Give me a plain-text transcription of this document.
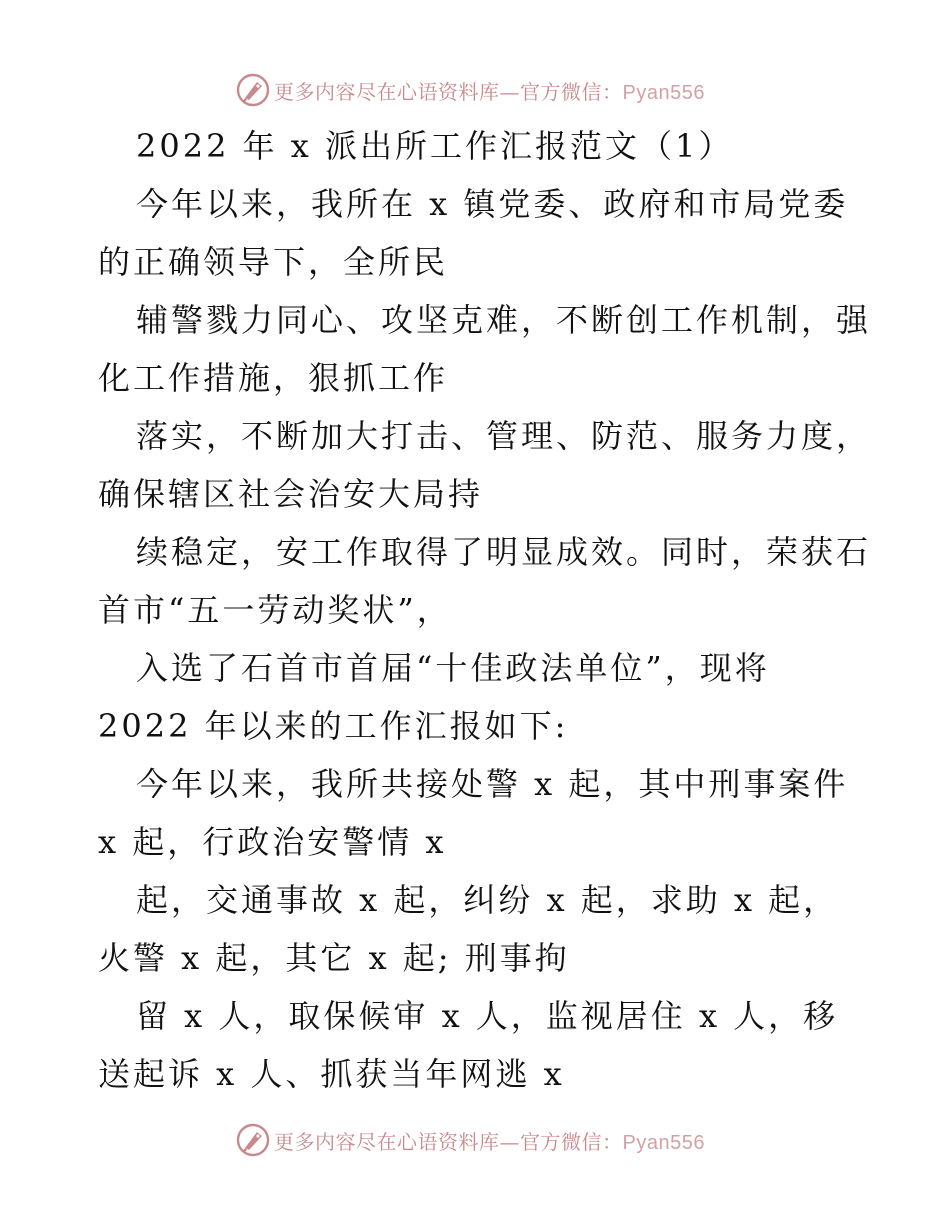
更多内容尽在心语资料库—官方微信：Pyan556
2022 年 x 派出所工作汇报范文（1）
今年以来，我所在 x 镇党委、政府和市局党委
的正确领导下，全所民
辅警戮力同心、攻坚克难，不断创工作机制，强
化工作措施，狠抓工作
落实，不断加大打击、管理、防范、服务力度，
确保辖区社会治安大局持
续稳定，安工作取得了明显成效。同时，荣获石
首市“五一劳动奖状”，
入选了石首市首届“十佳政法单位”，现将
2022 年以来的工作汇报如下:
今年以来，我所共接处警 x 起，其中刑事案件
x 起，行政治安警情 x
起，交通事故 x 起，纠纷 x 起，求助 x 起，
火警 x 起，其它 x 起; 刑事拘
留 x 人，取保候审 x 人，监视居住 x 人，移
送起诉 x 人、抓获当年网逃 x
更多内容尽在心语资料库—官方微信：Pyan556
